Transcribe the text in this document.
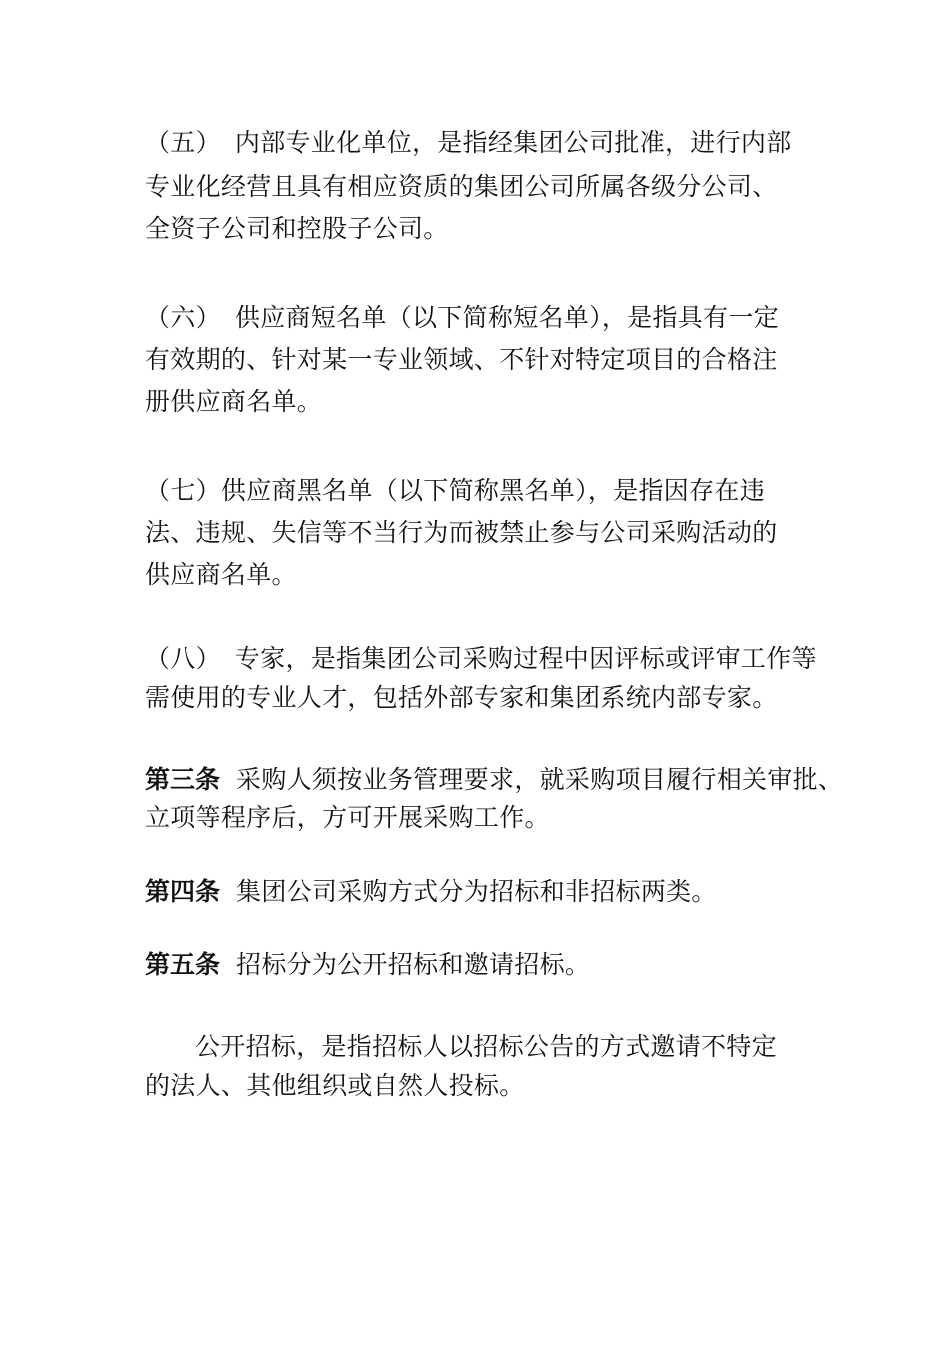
（五） 内部专业化单位，是指经集团公司批准，进行内部
专业化经营且具有相应资质的集团公司所属各级分公司、
全资子公司和控股子公司。
（六） 供应商短名单（以下简称短名单），是指具有一定
有效期的、针对某一专业领域、不针对特定项目的合格注
册供应商名单。
（七）供应商黑名单（以下简称黑名单），是指因存在违
法、违规、失信等不当行为而被禁止参与公司采购活动的
供应商名单。
（八） 专家，是指集团公司采购过程中因评标或评审工作等
需使用的专业人才，包括外部专家和集团系统内部专家。
第三条 采购人须按业务管理要求，就采购项目履行相关审批、
立项等程序后，方可开展采购工作。
第四条 集团公司采购方式分为招标和非招标两类。
第五条 招标分为公开招标和邀请招标。
公开招标，是指招标人以招标公告的方式邀请不特定
的法人、其他组织或自然人投标。
